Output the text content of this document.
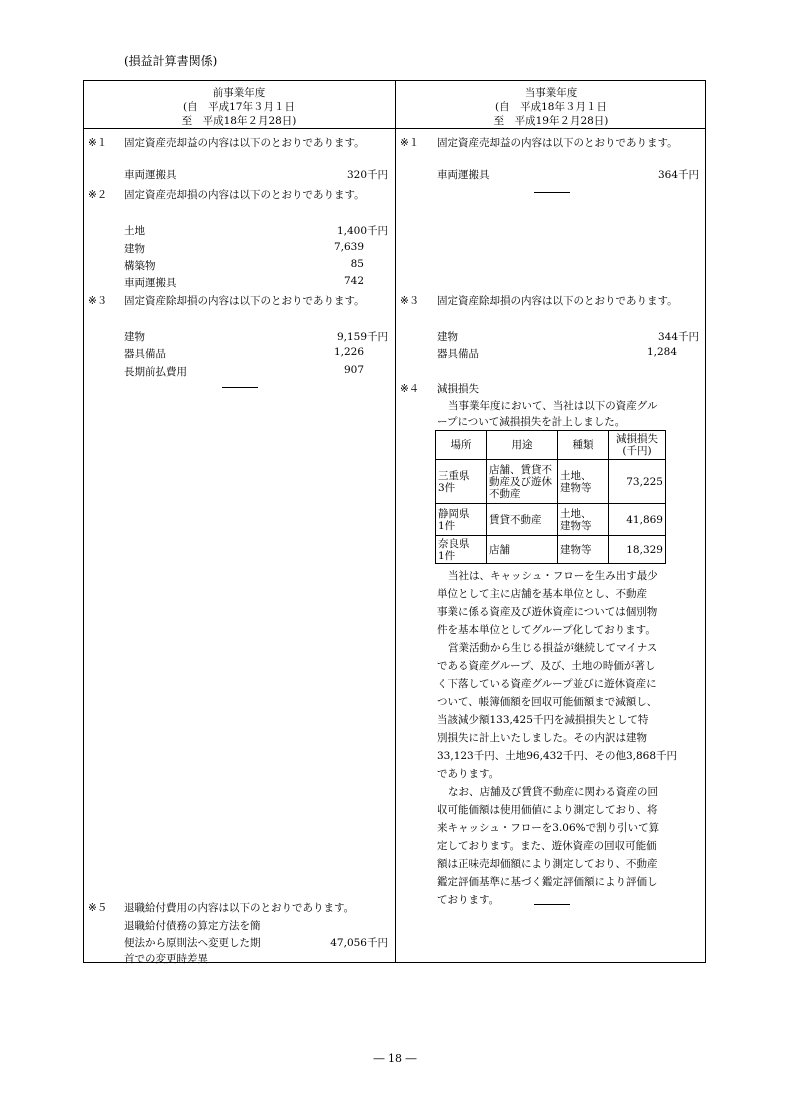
(損益計算書関係)
前事業年度
(自　平成17年３月１日
至　平成18年２月28日)
当事業年度
(自　平成18年３月１日
至　平成19年２月28日)
※１ 固定資産売却益の内容は以下のとおりであります。
車両運搬具	320千円
※２ 固定資産売却損の内容は以下のとおりであります。
土地	1,400千円
建物	7,639
構築物	85
車両運搬具	742
※３ 固定資産除却損の内容は以下のとおりであります。
建物	9,159千円
器具備品	1,226
長期前払費用	907
※５ 退職給付費用の内容は以下のとおりであります。
退職給付債務の算定方法を簡
便法から原則法へ変更した期	47,056千円
首での変更時差異
※１ 固定資産売却益の内容は以下のとおりであります。
車両運搬具	364千円
※３ 固定資産除却損の内容は以下のとおりであります。
建物	344千円
器具備品	1,284
※４ 減損損失
当事業年度において、当社は以下の資産グル
ープについて減損損失を計上しました。
場所	用途	種類	減損損失
(千円)
三重県
3件	店舗、賃貸不
動産及び遊休
不動産	土地、
建物等	73,225
静岡県
1件	賃貸不動産	土地、
建物等	41,869
奈良県
1件	店舗	建物等	18,329
当社は、キャッシュ・フローを生み出す最少
単位として主に店舗を基本単位とし、不動産
事業に係る資産及び遊休資産については個別物
件を基本単位としてグループ化しております。
営業活動から生じる損益が継続してマイナス
である資産グループ、及び、土地の時価が著し
く下落している資産グループ並びに遊休資産に
ついて、帳簿価額を回収可能価額まで減額し、
当該減少額133,425千円を減損損失として特
別損失に計上いたしました。その内訳は建物
33,123千円、土地96,432千円、その他3,868千円
であります。
なお、店舗及び賃貸不動産に関わる資産の回
収可能価額は使用価値により測定しており、将
来キャッシュ・フローを3.06%で割り引いて算
定しております。また、遊休資産の回収可能価
額は正味売却価額により測定しており、不動産
鑑定評価基準に基づく鑑定評価額により評価し
ております。
― 18 ―
